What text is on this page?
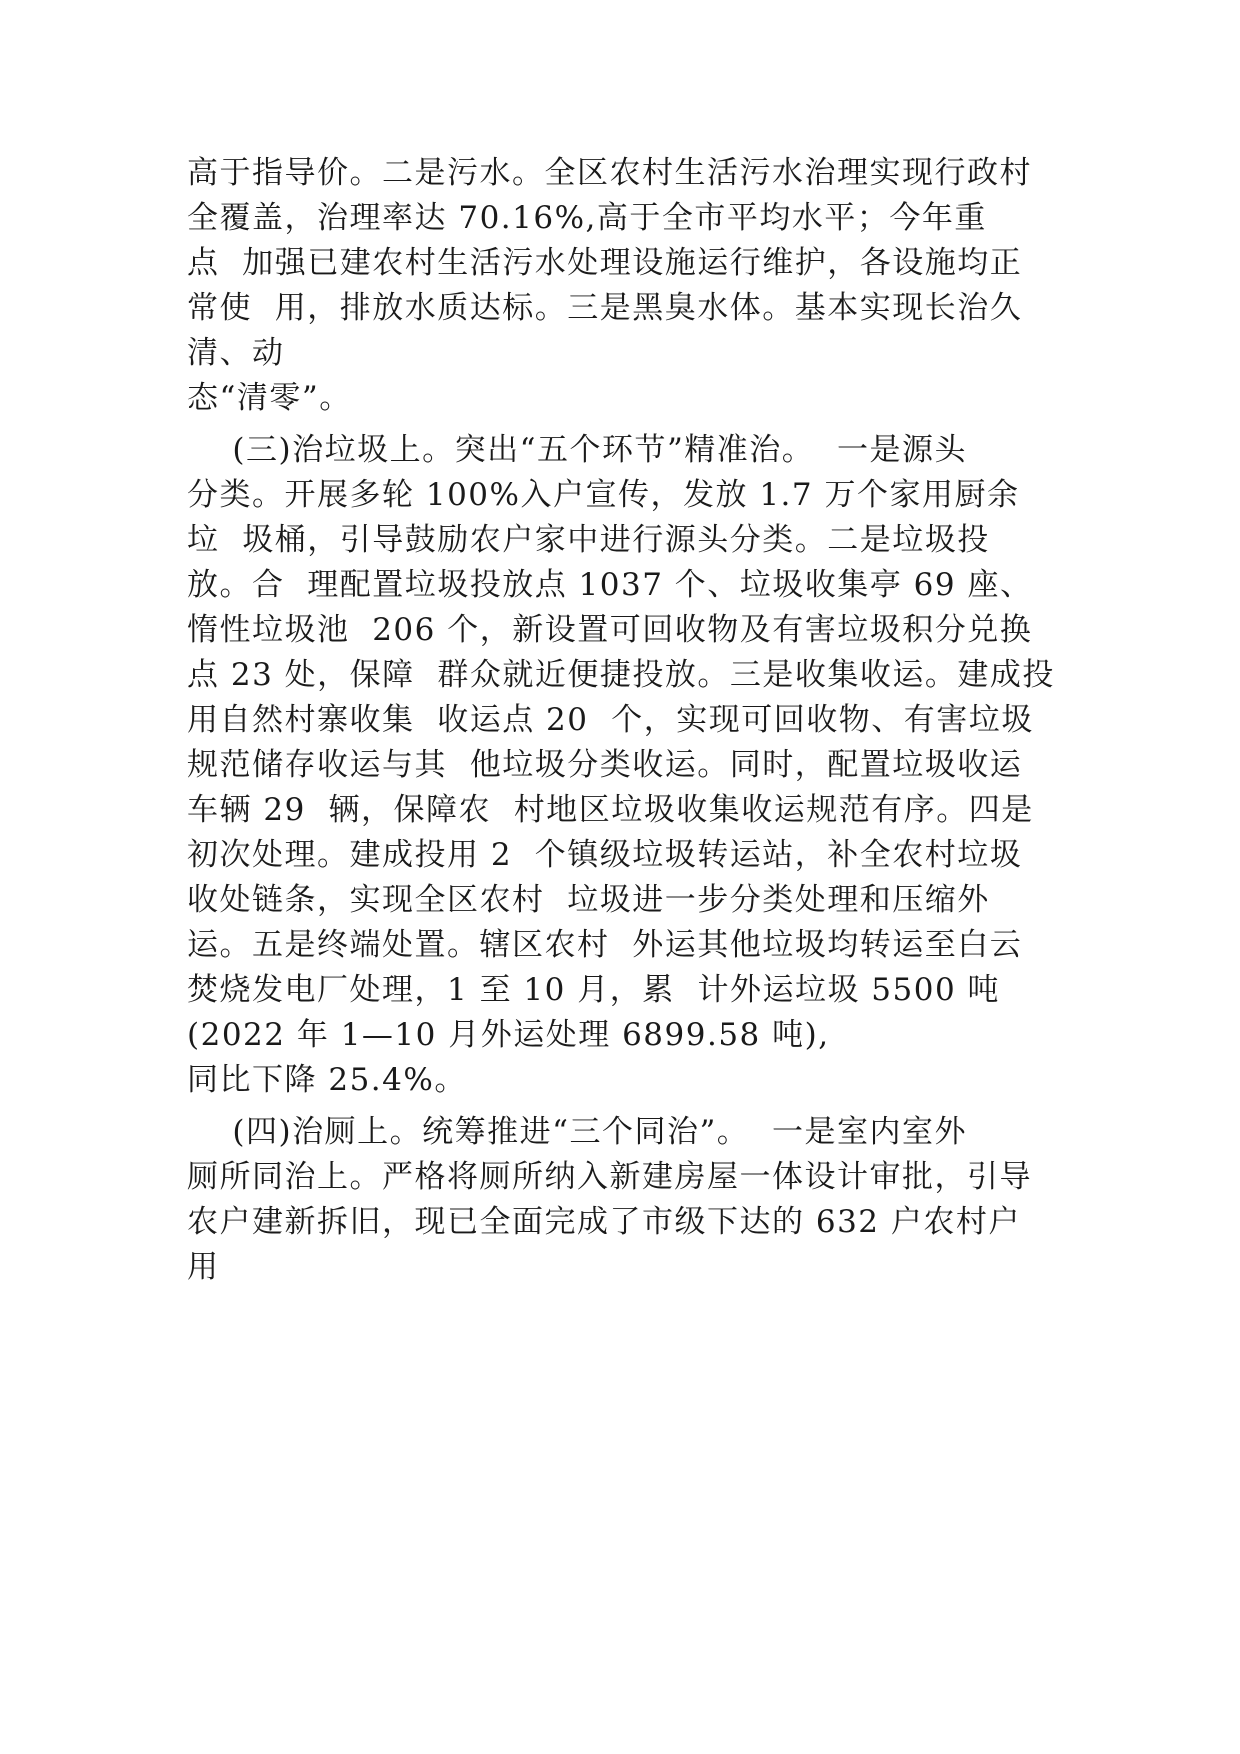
高于指导价。二是污水。全区农村生活污水治理实现行政村
全覆盖，治理率达 70.16%,高于全市平均水平；今年重
点  加强已建农村生活污水处理设施运行维护，各设施均正
常使  用，排放水质达标。三是黑臭水体。基本实现长治久
清、动
态“清零”。
(三)治垃圾上。突出“五个环节”精准治。  一是源头
分类。开展多轮 100%入户宣传，发放 1.7 万个家用厨余
垃  圾桶，引导鼓励农户家中进行源头分类。二是垃圾投
放。合  理配置垃圾投放点 1037 个、垃圾收集亭 69 座、
惰性垃圾池  206 个，新设置可回收物及有害垃圾积分兑换
点 23 处，保障  群众就近便捷投放。三是收集收运。建成投
用自然村寨收集  收运点 20  个，实现可回收物、有害垃圾
规范储存收运与其  他垃圾分类收运。同时，配置垃圾收运
车辆 29  辆，保障农  村地区垃圾收集收运规范有序。四是
初次处理。建成投用 2  个镇级垃圾转运站，补全农村垃圾
收处链条，实现全区农村  垃圾进一步分类处理和压缩外
运。五是终端处置。辖区农村  外运其他垃圾均转运至白云
焚烧发电厂处理，1 至 10 月，累  计外运垃圾 5500 吨
(2022 年 1—10 月外运处理 6899.58 吨),
同比下降 25.4%。
(四)治厕上。统筹推进“三个同治”。  一是室内室外
厕所同治上。严格将厕所纳入新建房屋一体设计审批，引导
农户建新拆旧，现已全面完成了市级下达的 632 户农村户
用
